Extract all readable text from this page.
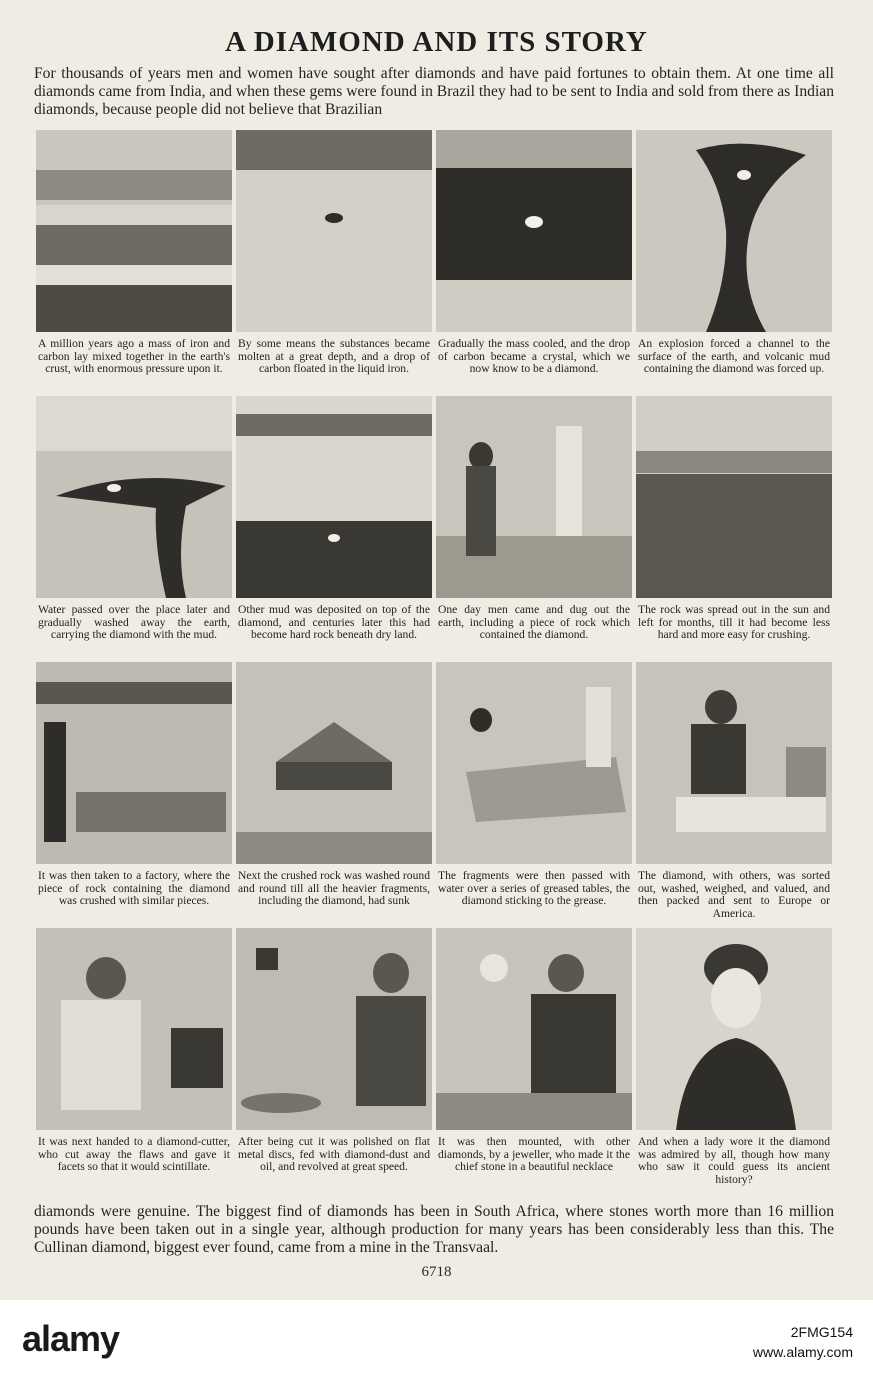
A DIAMOND AND ITS STORY
For thousands of years men and women have sought after diamonds and have paid fortunes to obtain them. At one time all diamonds came from India, and when these gems were found in Brazil they had to be sent to India and sold from there as Indian diamonds, because people did not believe that Brazilian
A million years ago a mass of iron and carbon lay mixed together in the earth's crust, with enormous pressure upon it.
By some means the substances became molten at a great depth, and a drop of carbon floated in the liquid iron.
Gradually the mass cooled, and the drop of carbon became a crystal, which we now know to be a diamond.
An explosion forced a channel to the surface of the earth, and volcanic mud containing the diamond was forced up.
Water passed over the place later and gradually washed away the earth, carrying the diamond with the mud.
Other mud was deposited on top of the diamond, and centuries later this had become hard rock beneath dry land.
One day men came and dug out the earth, including a piece of rock which contained the diamond.
The rock was spread out in the sun and left for months, till it had become less hard and more easy for crushing.
It was then taken to a factory, where the piece of rock containing the diamond was crushed with similar pieces.
Next the crushed rock was washed round and round till all the heavier fragments, including the diamond, had sunk
The fragments were then passed with water over a series of greased tables, the diamond sticking to the grease.
The diamond, with others, was sorted out, washed, weighed, and valued, and then packed and sent to Europe or America.
It was next handed to a diamond-cutter, who cut away the flaws and gave it facets so that it would scintillate.
After being cut it was polished on flat metal discs, fed with diamond-dust and oil, and revolved at great speed.
It was then mounted, with other diamonds, by a jeweller, who made it the chief stone in a beautiful necklace
And when a lady wore it the diamond was admired by all, though how many who saw it could guess its ancient history?
diamonds were genuine. The biggest find of diamonds has been in South Africa, where stones worth more than 16 million pounds have been taken out in a single year, although production for many years has been considerably less than this. The Cullinan diamond, biggest ever found, came from a mine in the Transvaal.
6718
alamy	2FMG154
www.alamy.com
